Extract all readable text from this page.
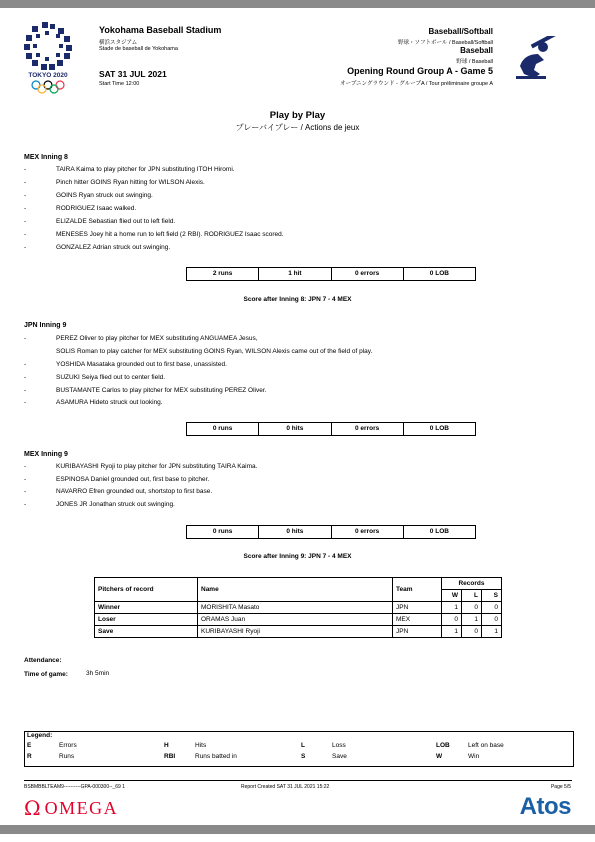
TOKYO 2020
Yokohama Baseball Stadium
横浜スタジアム
Stade de baseball de Yokohama
SAT 31 JUL 2021
Start Time 12:00
Baseball/Softball
野球・ソフトボール / Baseball/Softball
Baseball
野球 / Baseball
Opening Round Group A - Game 5
オープニングラウンド - グループA / Tour préliminaire groupe A
Play by Play
プレーバイプレー / Actions de jeux
MEX Inning 8
-	TAIRA Kaima to play pitcher for JPN substituting ITOH Hiromi.
-	Pinch hitter GOINS Ryan hitting for WILSON Alexis.
-	GOINS Ryan struck out swinging.
-	RODRIGUEZ Isaac walked.
-	ELIZALDE Sebastian flied out to left field.
-	MENESES Joey hit a home run to left field (2 RBI). RODRIGUEZ Isaac scored.
-	GONZALEZ Adrian struck out swinging.
2 runs	1 hit	0 errors	0 LOB
Score after Inning 8: JPN 7 - 4 MEX
JPN Inning 9
-	PEREZ Oliver to play pitcher for MEX substituting ANGUAMEA Jesus,
SOLIS Roman to play catcher for MEX substituting GOINS Ryan, WILSON Alexis came out of the field of play.
-	YOSHIDA Masataka grounded out to first base, unassisted.
-	SUZUKI Seiya flied out to center field.
-	BUSTAMANTE Carlos to play pitcher for MEX substituting PEREZ Oliver.
-	ASAMURA Hideto struck out looking.
0 runs	0 hits	0 errors	0 LOB
MEX Inning 9
-	KURIBAYASHI Ryoji to play pitcher for JPN substituting TAIRA Kaima.
-	ESPINOSA Daniel grounded out, first base to pitcher.
-	NAVARRO Efren grounded out, shortstop to first base.
-	JONES JR Jonathan struck out swinging.
0 runs	0 hits	0 errors	0 LOB
Score after Inning 9: JPN 7 - 4 MEX
Pitchers of record	Name	Team	Records		
			W	L	S
Winner	MORISHITA Masato	JPN	1	0	0
Loser	ORAMAS Juan	MEX	0	1	0
Save	KURIBAYASHI Ryoji	JPN	1	0	1
Attendance:
Time of game:	3h 5min
Legend:
E	Errors	H	Hits	L	Loss	LOB	Left on base
R	Runs	RBI	Runs batted in	S	Save	W	Win
BSBMBBLTEAM9----------GPA-000300--_69 1	Report Created SAT 31 JUL 2021 15:22	Page 5/5
Ω OMEGA	Atos
